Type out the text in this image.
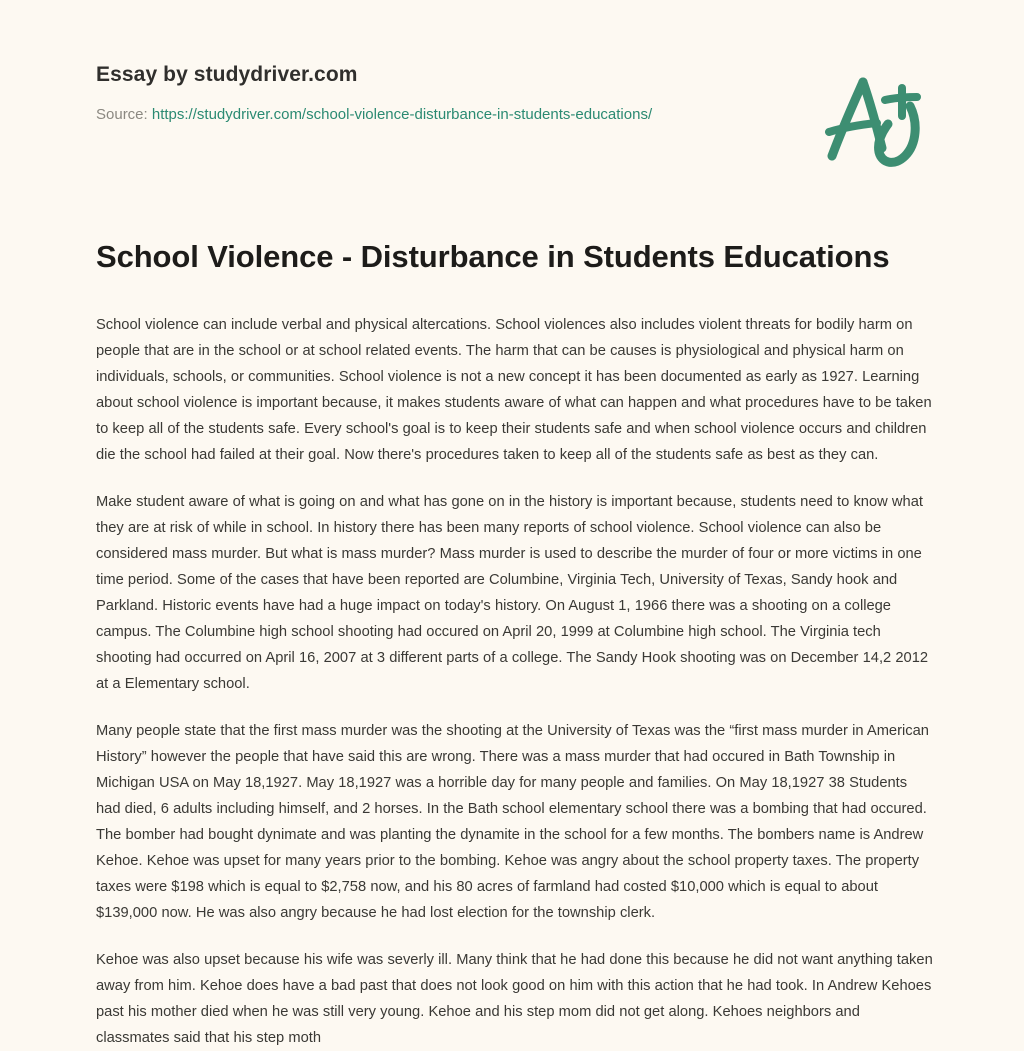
Essay by studydriver.com
Source: https://studydriver.com/school-violence-disturbance-in-students-educations/
School Violence - Disturbance in Students Educations

School violence can include verbal and physical altercations. School violences also includes violent threats for bodily harm on people that are in the school or at school related events. The harm that can be causes is physiological and physical harm on individuals, schools, or communities. School violence is not a new concept it has been documented as early as 1927. Learning about school violence is important because, it makes students aware of what can happen and what procedures have to be taken to keep all of the students safe. Every school's goal is to keep their students safe and when school violence occurs and children die the school had failed at their goal. Now there's procedures taken to keep all of the students safe as best as they can.

Make student aware of what is going on and what has gone on in the history is important because, students need to know what they are at risk of while in school. In history there has been many reports of school violence. School violence can also be considered mass murder. But what is mass murder? Mass murder is used to describe the murder of four or more victims in one time period. Some of the cases that have been reported are Columbine, Virginia Tech, University of Texas, Sandy hook and Parkland. Historic events have had a huge impact on today's history. On August 1, 1966 there was a shooting on a college campus. The Columbine high school shooting had occured on April 20, 1999 at Columbine high school. The Virginia tech shooting had occurred on April 16, 2007 at 3 different parts of a college. The Sandy Hook shooting was on December 14,2 2012 at a Elementary school.

Many people state that the first mass murder was the shooting at the University of Texas was the “first mass murder in American History” however the people that have said this are wrong. There was a mass murder that had occured in Bath Township in Michigan USA on May 18,1927. May 18,1927 was a horrible day for many people and families. On May 18,1927 38 Students had died, 6 adults including himself, and 2 horses. In the Bath school elementary school there was a bombing that had occured. The bomber had bought dynimate and was planting the dynamite in the school for a few months. The bombers name is Andrew Kehoe. Kehoe was upset for many years prior to the bombing. Kehoe was angry about the school property taxes. The property taxes were $198 which is equal to $2,758 now, and his 80 acres of farmland had costed $10,000 which is equal to about $139,000 now. He was also angry because he had lost election for the township clerk.

Kehoe was also upset because his wife was severly ill. Many think that he had done this because he did not want anything taken away from him. Kehoe does have a bad past that does not look good on him with this action that he had took. In Andrew Kehoes past his mother died when he was still very young. Kehoe and his step mom did not get along. Kehoes neighbors and classmates said that his step moth
